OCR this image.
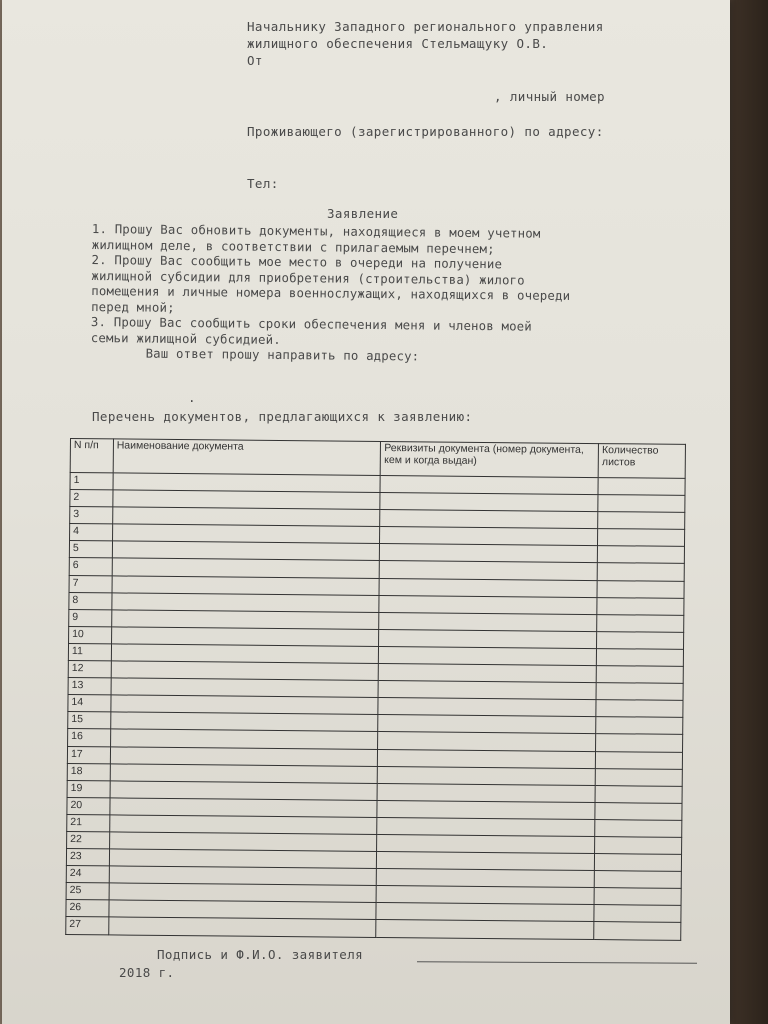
Начальнику Западного регионального управления
жилищного обеспечения Стельмащуку О.В.
От
, личный номер
Проживающего (зарегистрированного) по адресу:
Тел:
Заявление
1. Прошу Вас обновить документы, находящиеся в моем учетном
жилищном деле, в соответствии с прилагаемым перечнем;
2. Прошу Вас сообщить мое место в очереди на получение
жилищной субсидии для приобретения (строительства) жилого
помещения и личные номера военнослужащих, находящихся в очереди
перед мной;
3. Прошу Вас сообщить сроки обеспечения меня и членов моей
семьи жилищной субсидией.
Ваш ответ прошу направить по адресу:
.
Перечень документов, предлагающихся к заявлению:
N п/п	Наименование документа	Реквизиты документа (номер документа, кем и когда выдан)	Количество листов
1			
2			
3			
4			
5			
6			
7			
8			
9			
10			
11			
12			
13			
14			
15			
16			
17			
18			
19			
20			
21			
22			
23			
24			
25			
26			
27			
Подпись и Ф.И.О. заявителя
2018 г.
